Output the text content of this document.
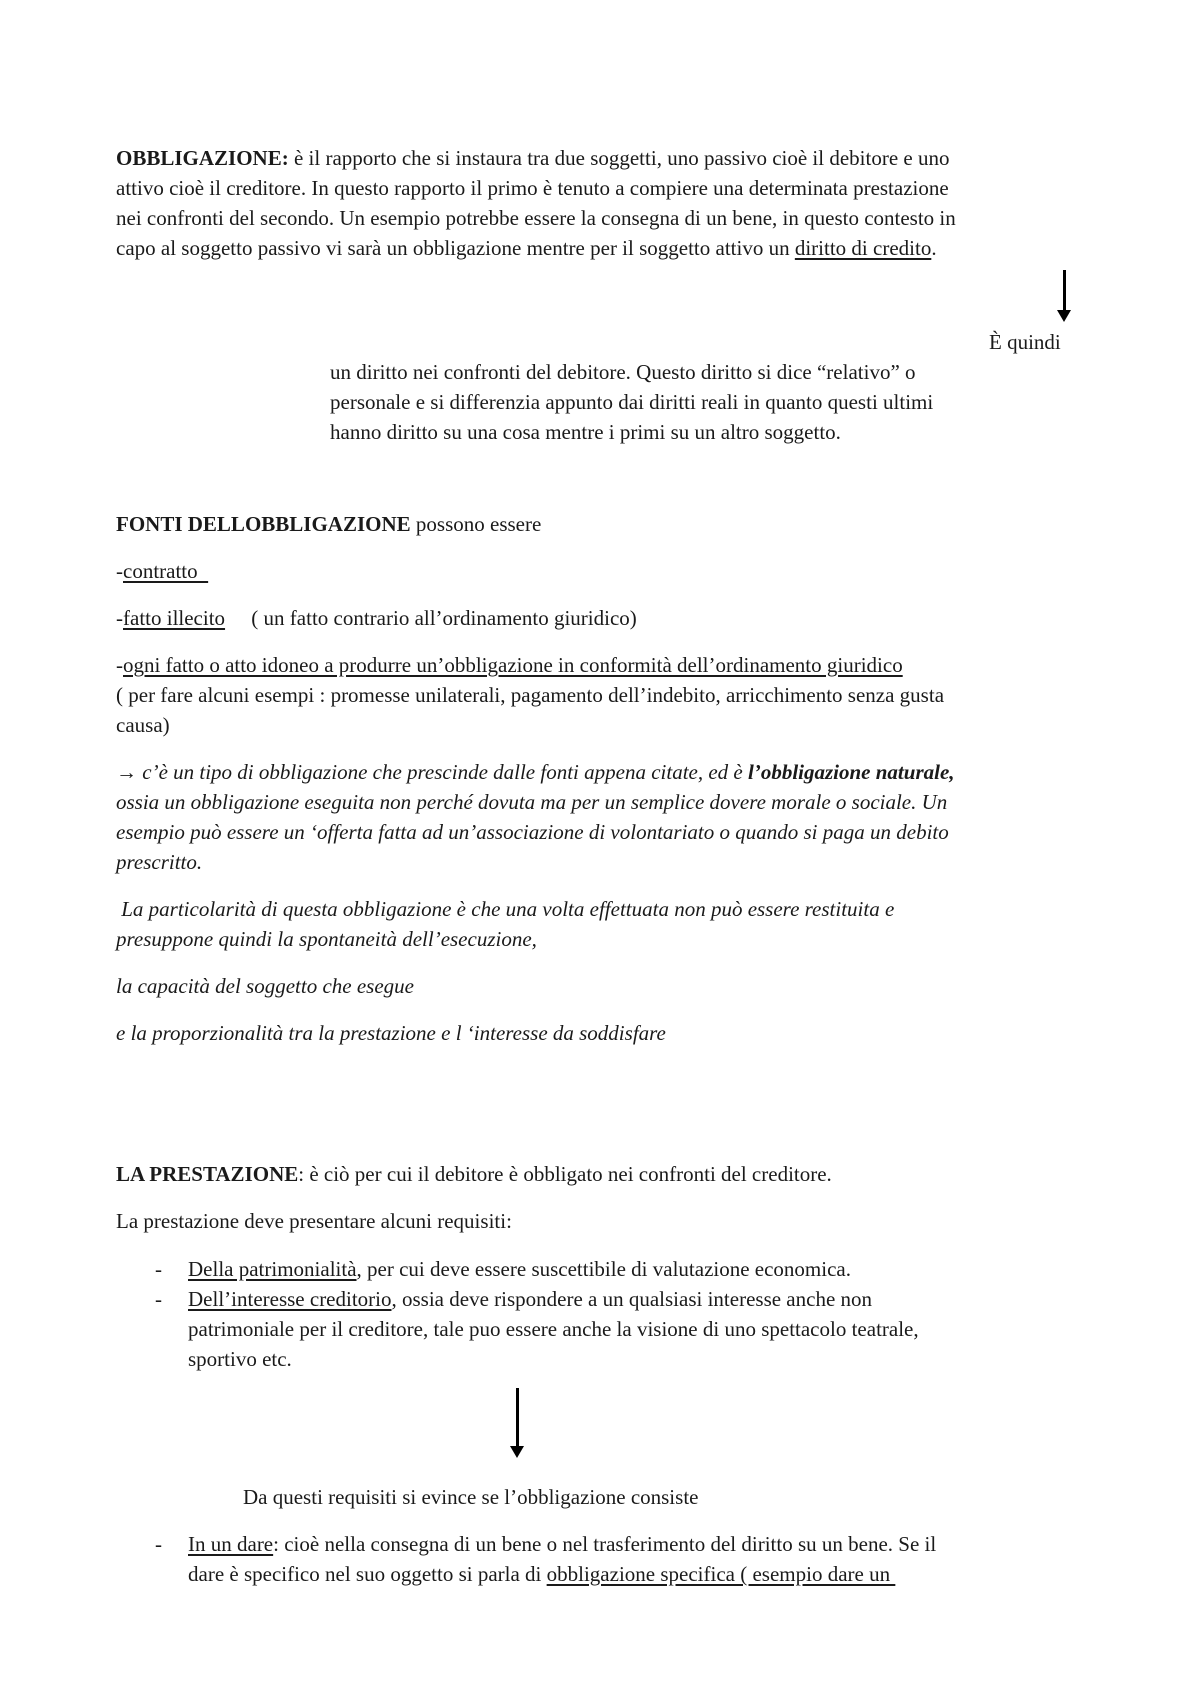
OBBLIGAZIONE: è il rapporto che si instaura tra due soggetti, uno passivo cioè il debitore e uno
attivo cioè il creditore. In questo rapporto il primo è tenuto a compiere una determinata prestazione
nei confronti del secondo. Un esempio potrebbe essere la consegna di un bene, in questo contesto in
capo al soggetto passivo vi sarà un obbligazione mentre per il soggetto attivo un diritto di credito.
È quindi
un diritto nei confronti del debitore. Questo diritto si dice “relativo” o
personale e si differenzia appunto dai diritti reali in quanto questi ultimi
hanno diritto su una cosa mentre i primi su un altro soggetto.
FONTI DELLOBBLIGAZIONE possono essere
-contratto
-fatto illecito     ( un fatto contrario all’ordinamento giuridico)
-ogni fatto o atto idoneo a produrre un’obbligazione in conformità dell’ordinamento giuridico
( per fare alcuni esempi : promesse unilaterali, pagamento dell’indebito, arricchimento senza gusta
causa)
→ c’è un tipo di obbligazione che prescinde dalle fonti appena citate, ed è l’obbligazione naturale,
ossia un obbligazione eseguita non perché dovuta ma per un semplice dovere morale o sociale. Un
esempio può essere un ‘offerta fatta ad un’associazione di volontariato o quando si paga un debito
prescritto.
La particolarità di questa obbligazione è che una volta effettuata non può essere restituita e
presuppone quindi la spontaneità dell’esecuzione,
la capacità del soggetto che esegue
e la proporzionalità tra la prestazione e l ‘interesse da soddisfare
LA PRESTAZIONE: è ciò per cui il debitore è obbligato nei confronti del creditore.
La prestazione deve presentare alcuni requisiti:
- Della patrimonialità, per cui deve essere suscettibile di valutazione economica.
- Dell’interesse creditorio, ossia deve rispondere a un qualsiasi interesse anche non
patrimoniale per il creditore, tale puo essere anche la visione di uno spettacolo teatrale,
sportivo etc.
Da questi requisiti si evince se l’obbligazione consiste
- In un dare: cioè nella consegna di un bene o nel trasferimento del diritto su un bene. Se il
dare è specifico nel suo oggetto si parla di obbligazione specifica ( esempio dare un
